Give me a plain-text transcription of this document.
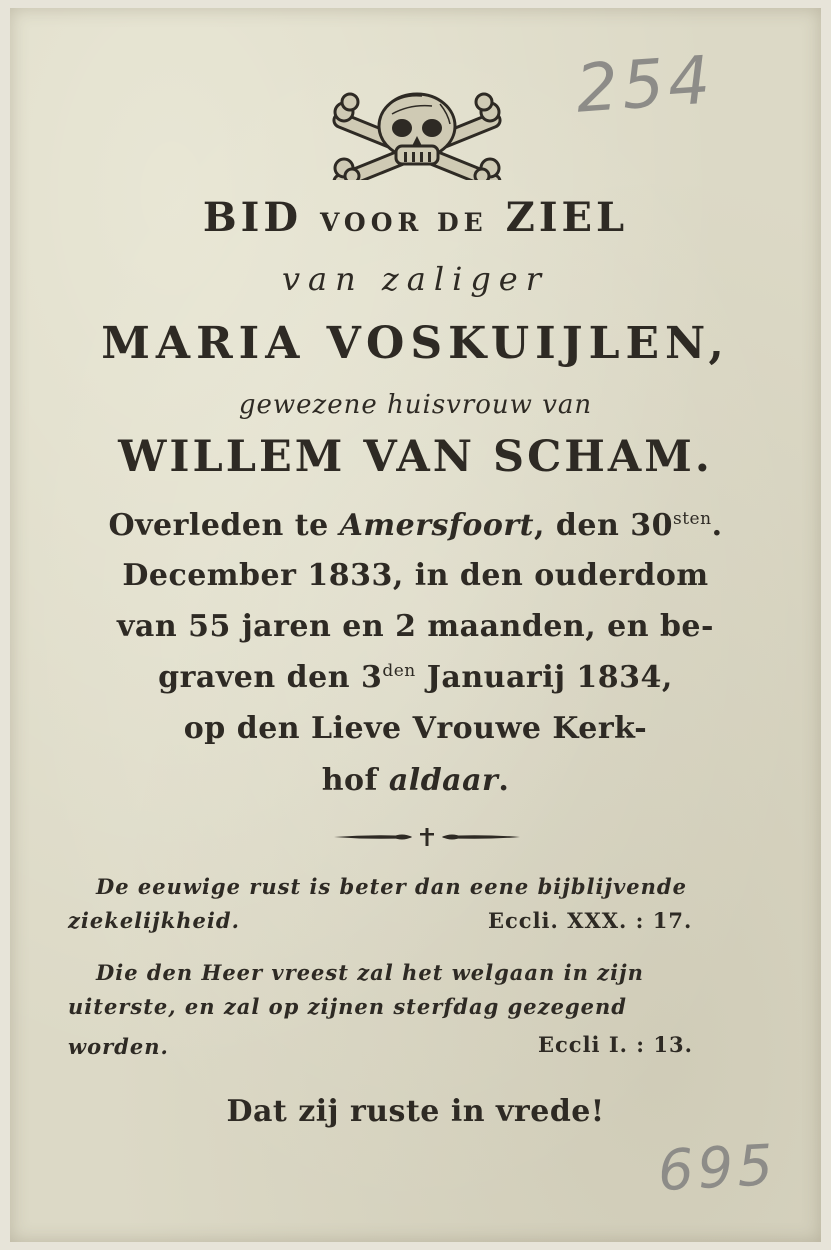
254
BID VOOR DE ZIEL
van zaliger
MARIA VOSKUIJLEN,
gewezene huisvrouw van
WILLEM VAN SCHAM.
Overleden te Amersfoort, den $30^{sten}$.
December 1833, in den ouderdom
van 55 jaren en 2 maanden, en be-
graven den $3^{den}$ Januarij 1834,
op den Lieve Vrouwe Kerk-
hof aldaar.
De eeuwige rust is beter dan eene bijblijvende
ziekelijkheid.	Eccli. XXX. : 17.
Die den Heer vreest zal het welgaan in zijn
uiterste, en zal op zijnen sterfdag gezegend
worden.	Eccli I. : 13.
Dat zij ruste in vrede!
695
